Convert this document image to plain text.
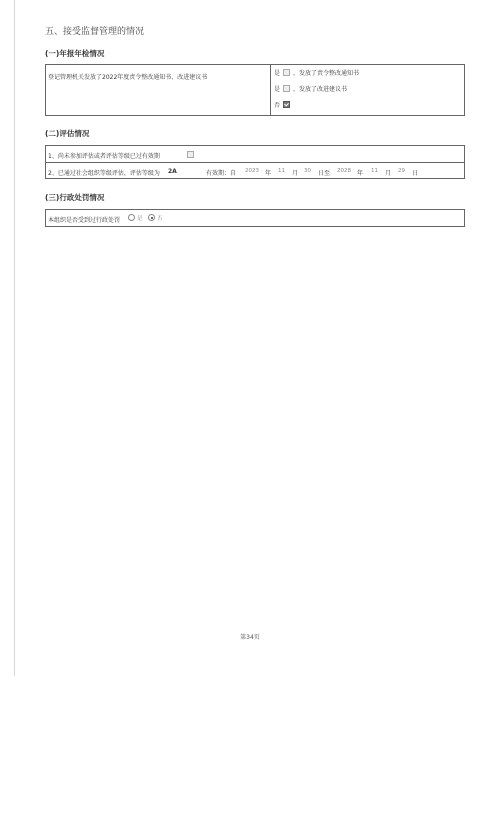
五、接受监督管理的情况
(一)年报年检情况
登记管理机关发放了2022年度责令整改通知书、改进建议书
是 ，发放了责令整改通知书
是 ，发放了改进建议书
否
(二)评估情况
1、尚未参加评估或者评估等级已过有效期
2、已通过社会组织等级评估，评估等级为 2A	有效期：自 2023 年 11 月 30 日至 2028 年 11 月 29 日
(三)行政处罚情况
本组织是否受到过行政处罚	是	否
第34页
